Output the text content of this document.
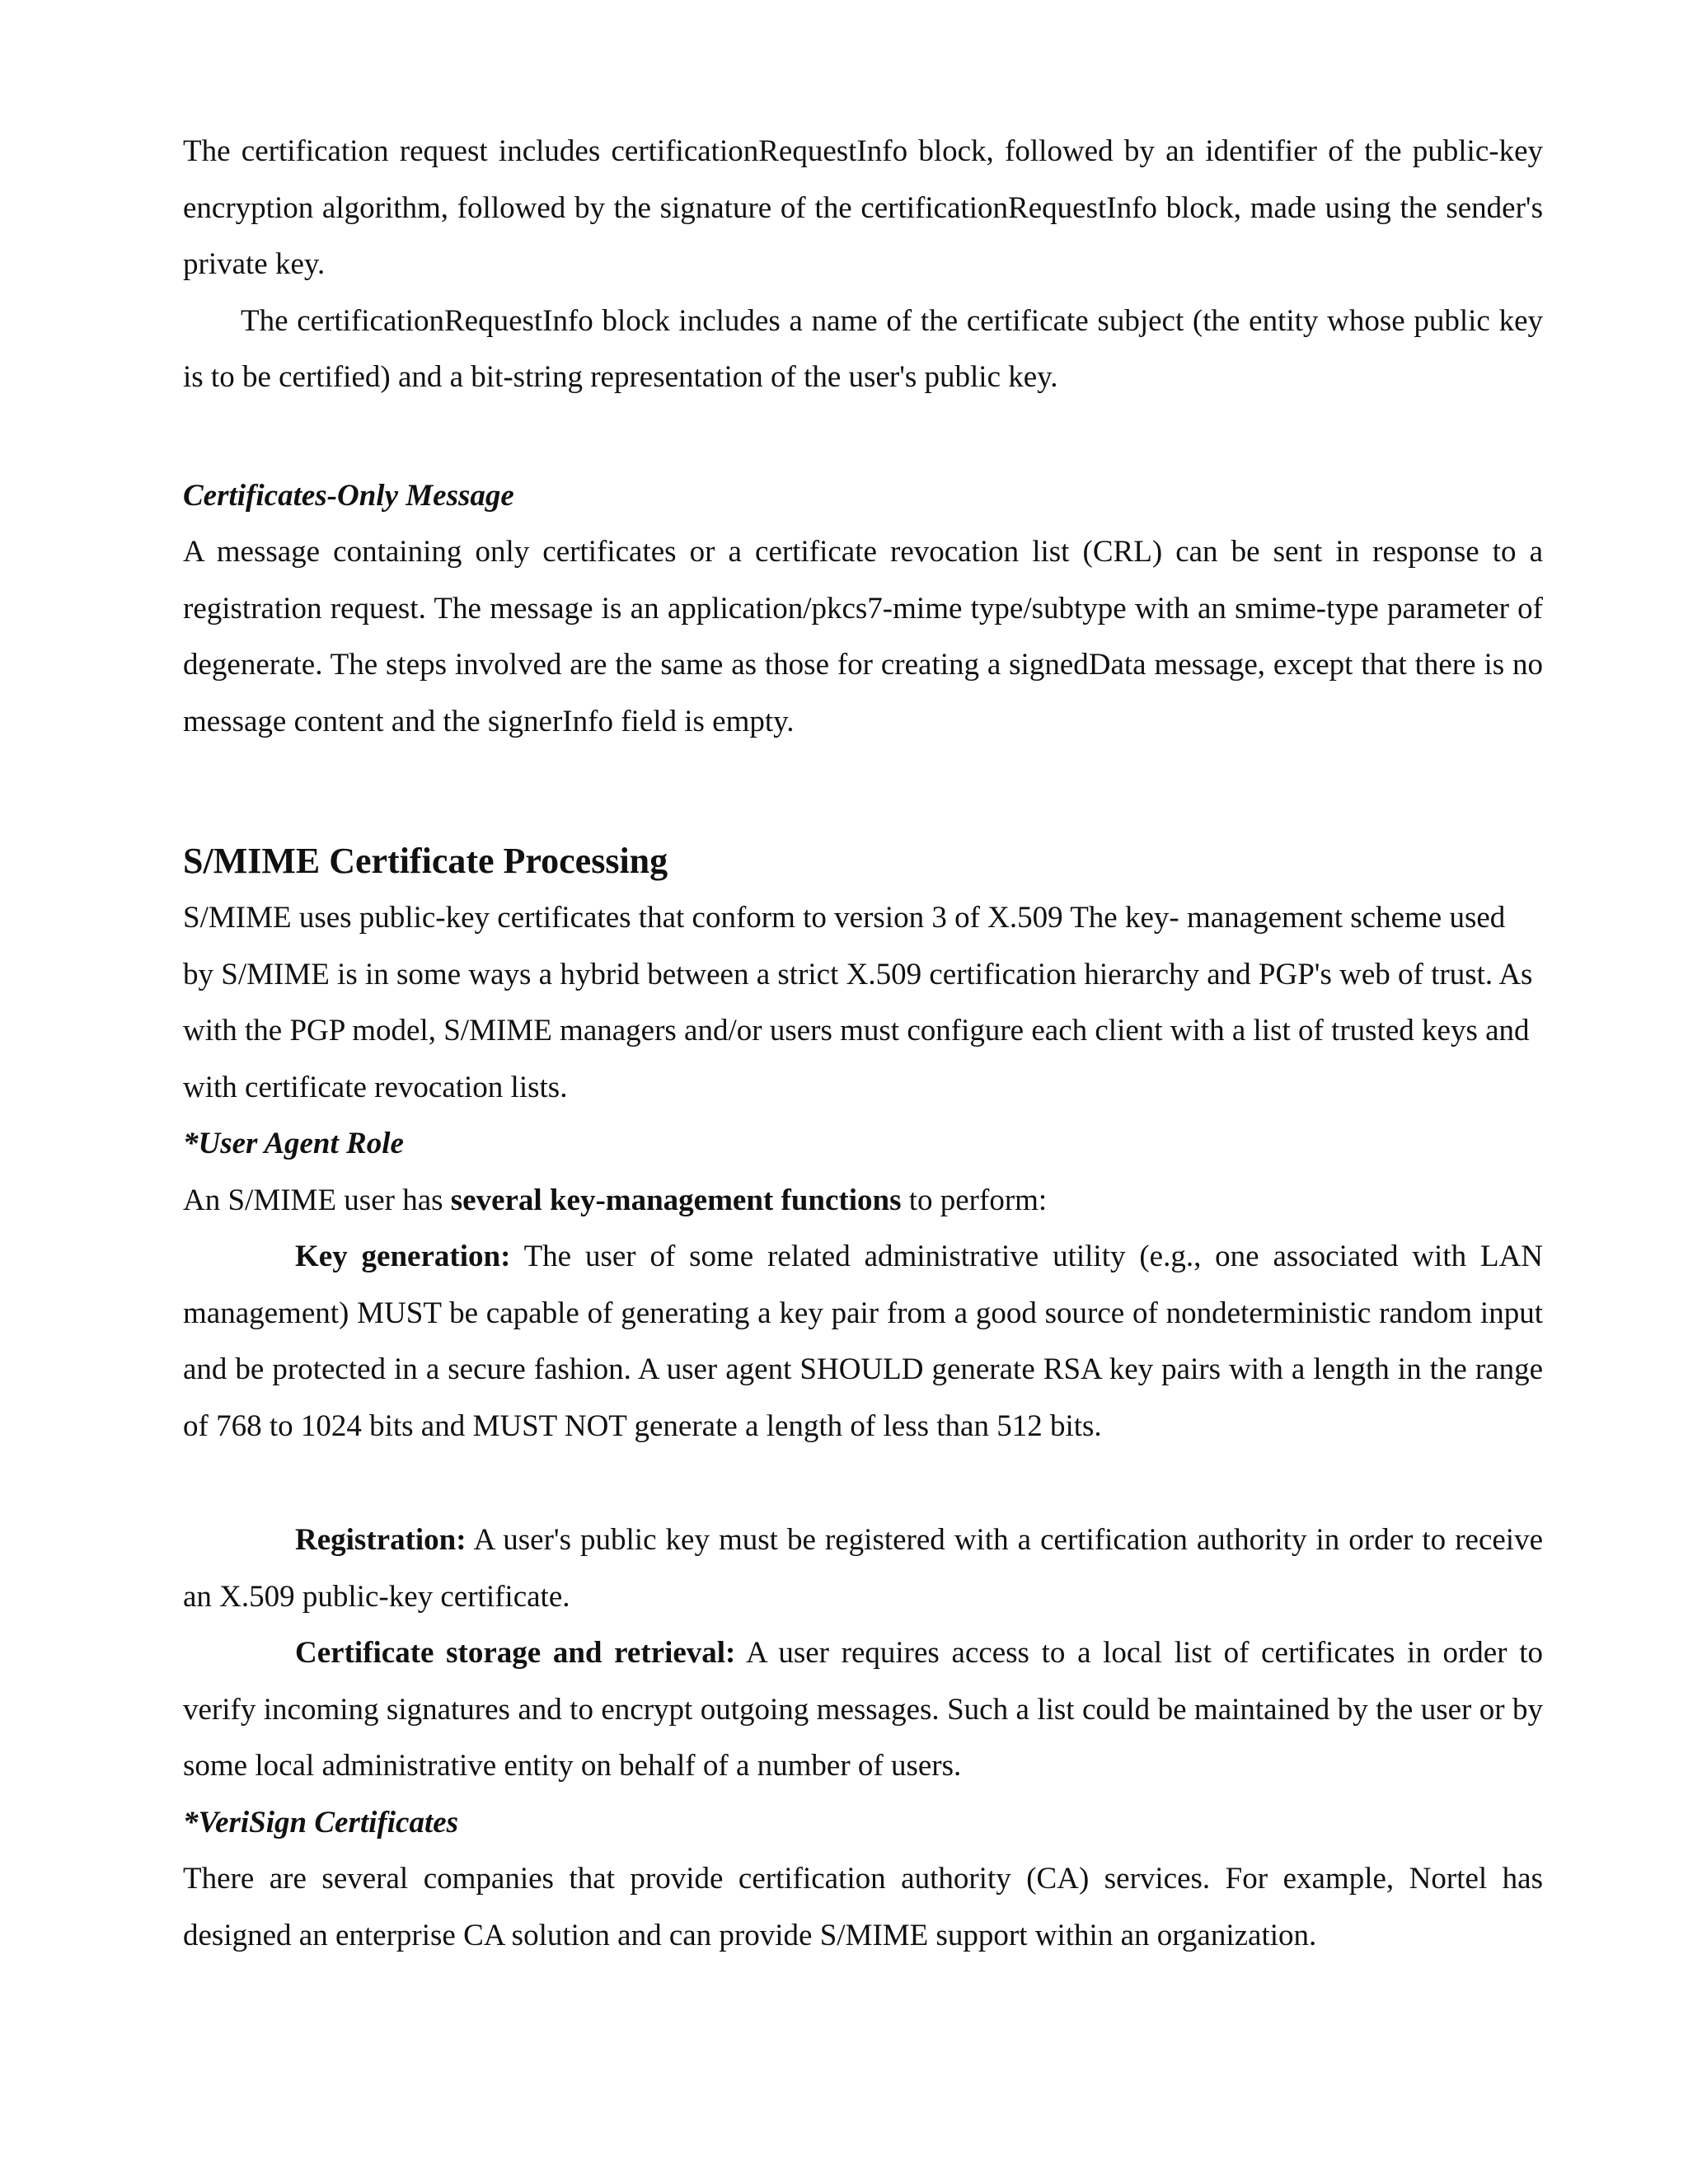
The certification request includes certificationRequestInfo block, followed by an identifier of the public-key encryption algorithm, followed by the signature of the certificationRequestInfo block, made using the sender's private key.

The certificationRequestInfo block includes a name of the certificate subject (the entity whose public key is to be certified) and a bit-string representation of the user's public key.

Certificates-Only Message

A message containing only certificates or a certificate revocation list (CRL) can be sent in response to a registration request. The message is an application/pkcs7-mime type/subtype with an smime-type parameter of degenerate. The steps involved are the same as those for creating a signedData message, except that there is no message content and the signerInfo field is empty.

S/MIME Certificate Processing

S/MIME uses public-key certificates that conform to version 3 of X.509 The key- management scheme used by S/MIME is in some ways a hybrid between a strict X.509 certification hierarchy and PGP's web of trust. As with the PGP model, S/MIME managers and/or users must configure each client with a list of trusted keys and with certificate revocation lists.

*User Agent Role

An S/MIME user has several key-management functions to perform:

Key generation: The user of some related administrative utility (e.g., one associated with LAN management) MUST be capable of generating a key pair from a good source of nondeterministic random input and be protected in a secure fashion. A user agent SHOULD generate RSA key pairs with a length in the range of 768 to 1024 bits and MUST NOT generate a length of less than 512 bits.

Registration: A user's public key must be registered with a certification authority in order to receive an X.509 public-key certificate.

Certificate storage and retrieval: A user requires access to a local list of certificates in order to verify incoming signatures and to encrypt outgoing messages. Such a list could be maintained by the user or by some local administrative entity on behalf of a number of users.

*VeriSign Certificates

There are several companies that provide certification authority (CA) services. For example, Nortel has designed an enterprise CA solution and can provide S/MIME support within an organization.
